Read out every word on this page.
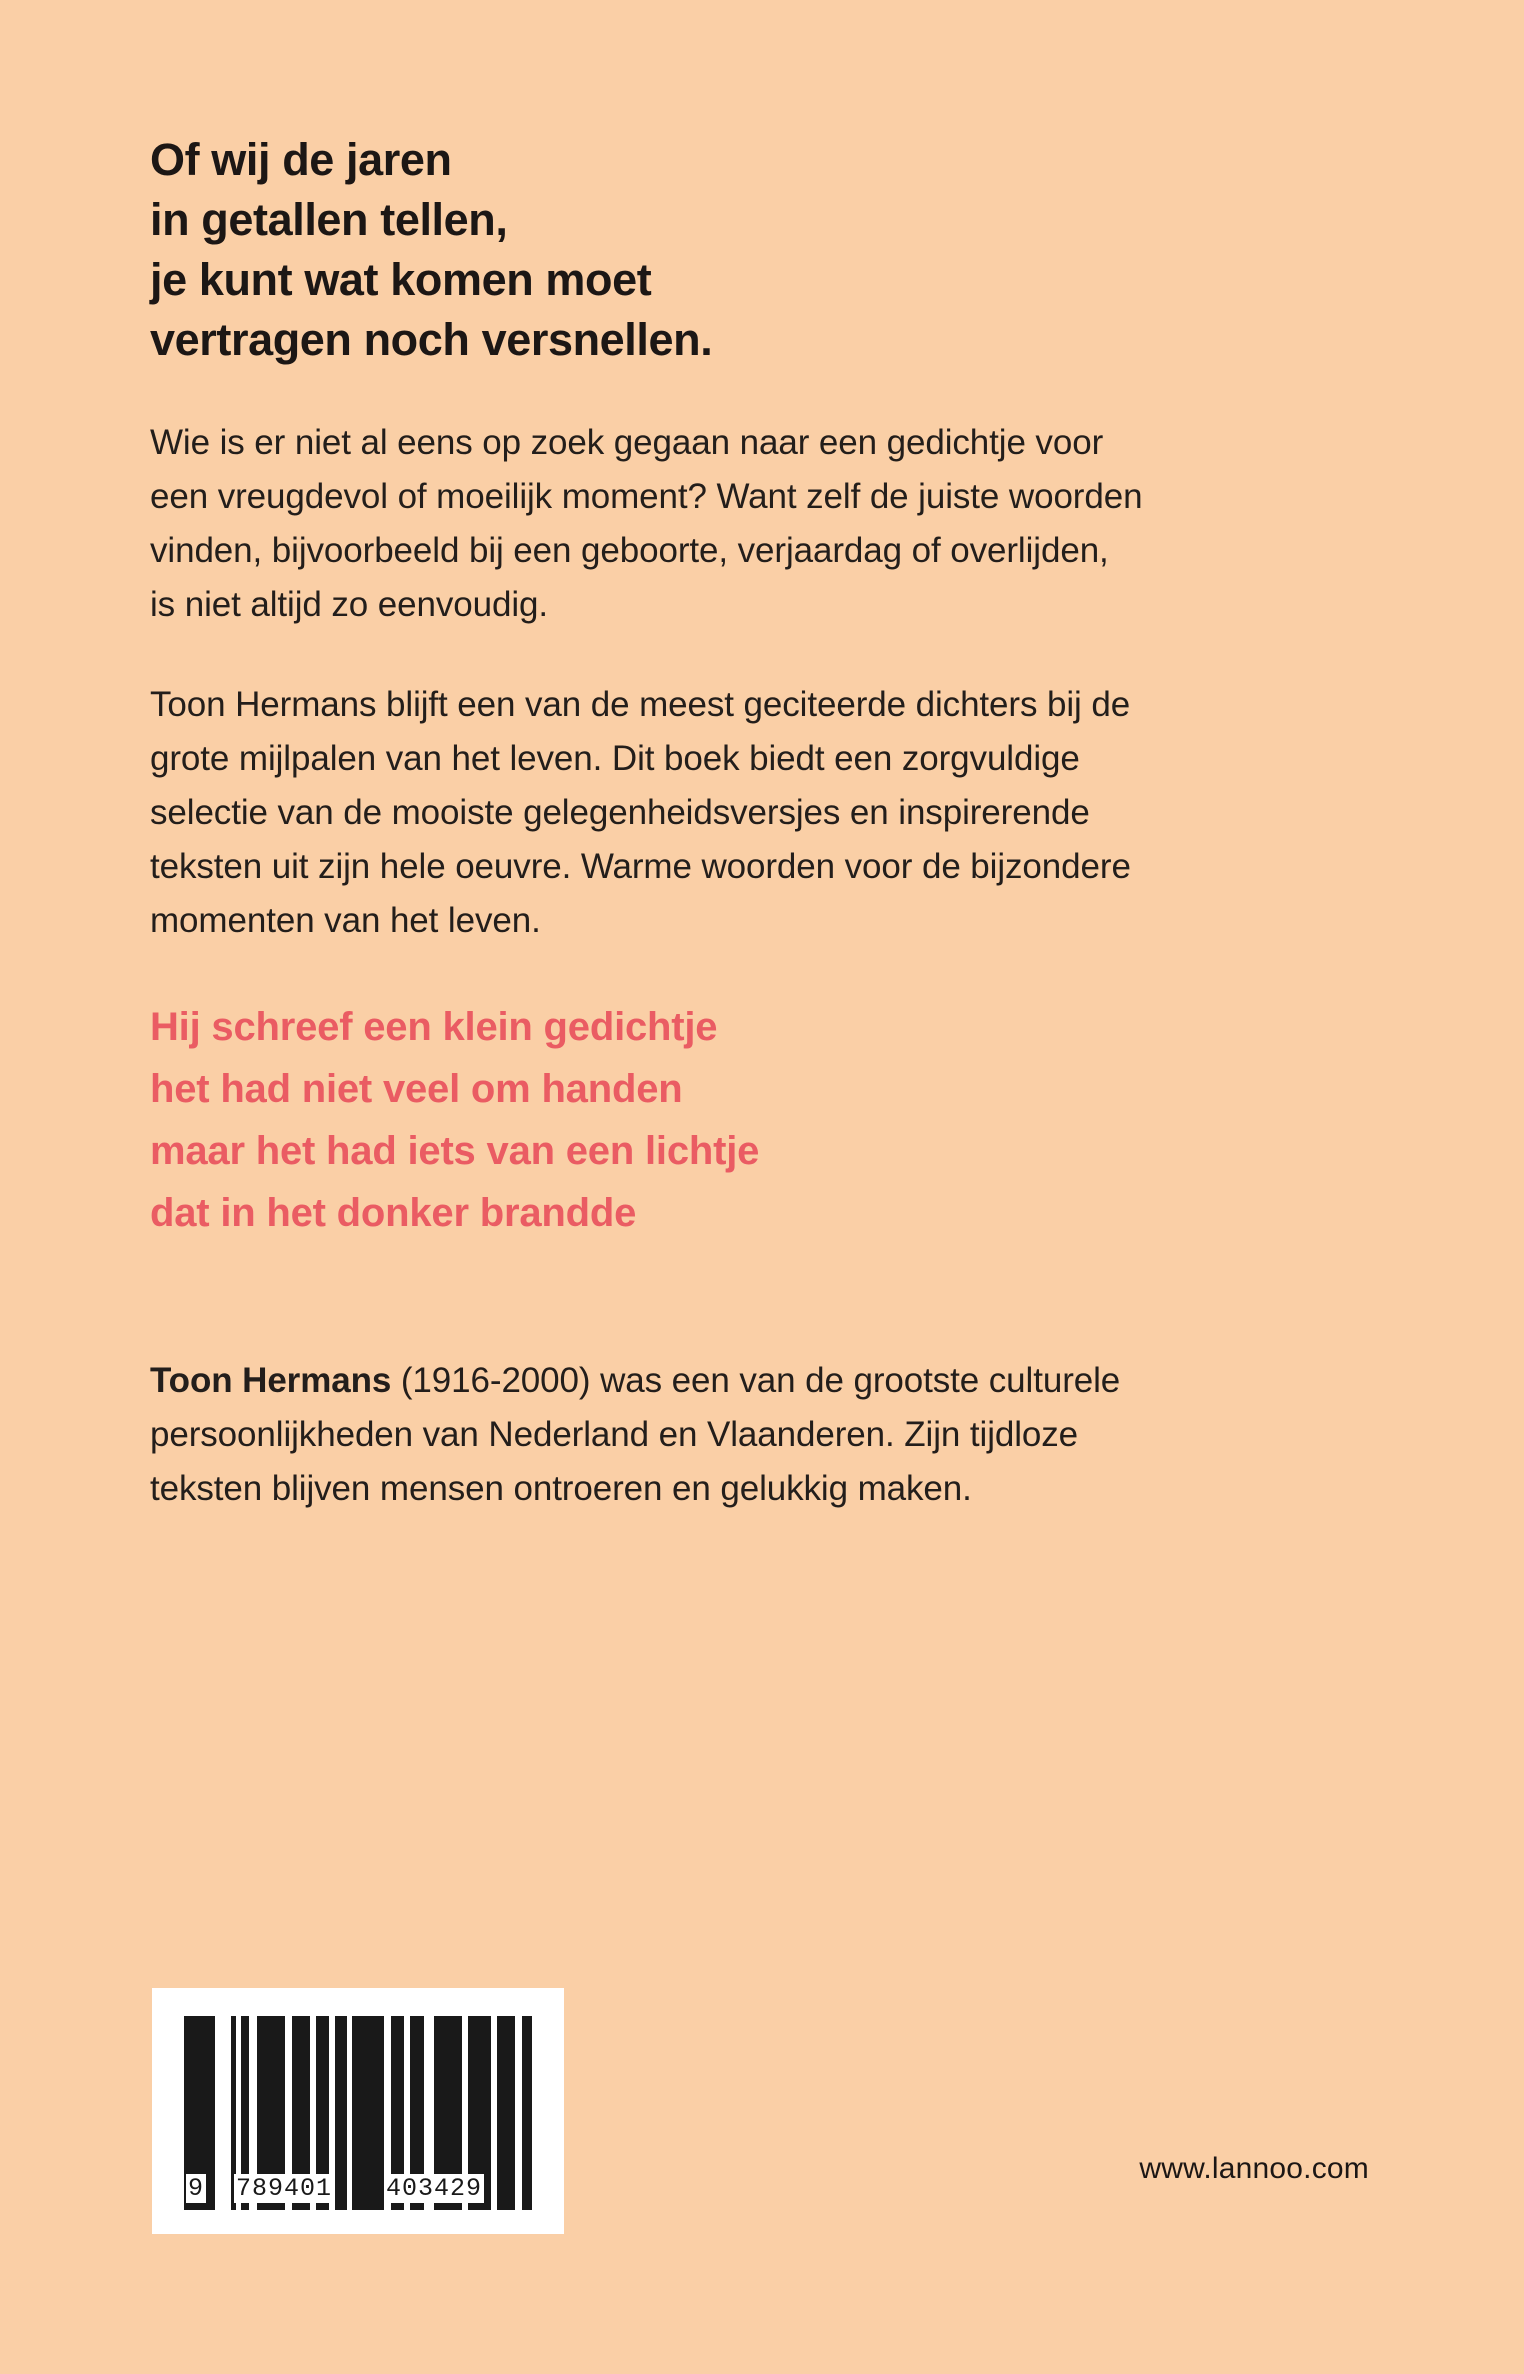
Of wij de jaren
in getallen tellen,
je kunt wat komen moet
vertragen noch versnellen.

Wie is er niet al eens op zoek gegaan naar een gedichtje voor
een vreugdevol of moeilijk moment? Want zelf de juiste woorden
vinden, bijvoorbeeld bij een geboorte, verjaardag of overlijden,
is niet altijd zo eenvoudig.

Toon Hermans blijft een van de meest geciteerde dichters bij de
grote mijlpalen van het leven. Dit boek biedt een zorgvuldige
selectie van de mooiste gelegenheidsversjes en inspirerende
teksten uit zijn hele oeuvre. Warme woorden voor de bijzondere
momenten van het leven.

Hij schreef een klein gedichtje
het had niet veel om handen
maar het had iets van een lichtje
dat in het donker brandde

Toon Hermans (1916-2000) was een van de grootste culturele
persoonlijkheden van Nederland en Vlaanderen. Zijn tijdloze
teksten blijven mensen ontroeren en gelukkig maken.

9 789401 403429
www.lannoo.com
